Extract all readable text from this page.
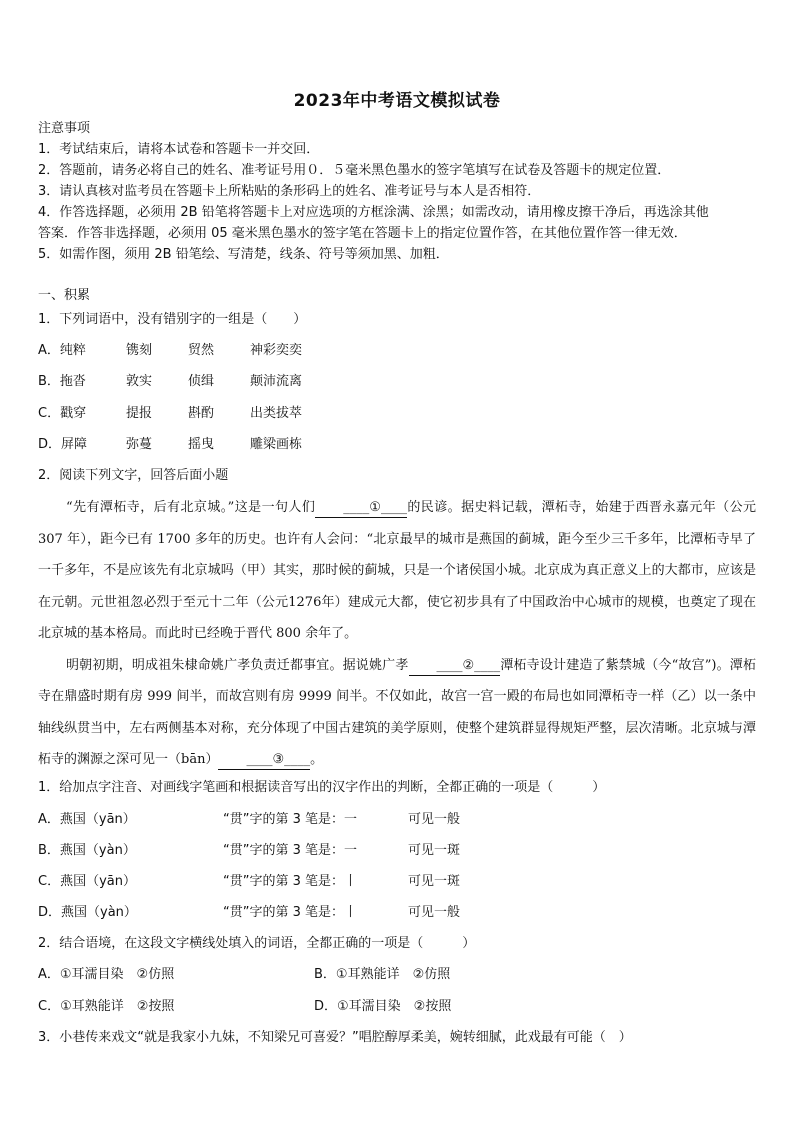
2023年中考语文模拟试卷
注意事项
1．考试结束后，请将本试卷和答题卡一并交回．
2．答题前，请务必将自己的姓名、准考证号用０．５毫米黑色墨水的签字笔填写在试卷及答题卡的规定位置．
3．请认真核对监考员在答题卡上所粘贴的条形码上的姓名、准考证号与本人是否相符．
4．作答选择题，必须用 2B 铅笔将答题卡上对应选项的方框涂满、涂黑；如需改动，请用橡皮擦干净后，再选涂其他
答案．作答非选择题，必须用 05 毫米黑色墨水的签字笔在答题卡上的指定位置作答，在其他位置作答一律无效．
5．如需作图，须用 2B 铅笔绘、写清楚，线条、符号等须加黑、加粗．
一、积累
1．下列词语中，没有错别字的一组是（　　）
A．纯粹	镌刻	贸然	神彩奕奕
B．拖沓	敦实	侦缉	颠沛流离
C．戳穿	提报	斟酌	出类拔萃
D．屏障	弥蔓	摇曳	雕梁画栋
2．阅读下列文字，回答后面小题

“先有潭柘寺，后有北京城。”这是一句人们 ____①____的民谚。据史料记载，潭柘寺，始建于西晋永嘉元年（公元307 年），距今已有 1700 多年的历史。也许有人会问：“北京最早的城市是燕国的蓟城，距今至少三千多年，比潭柘寺早了一千多年，不是应该先有北京城吗（甲）其实，那时候的蓟城，只是一个诸侯国小城。北京成为真正意义上的大都市，应该是在元朝。元世祖忽必烈于至元十二年（公元1276年）建成元大都，使它初步具有了中国政治中心城市的规模，也奠定了现在北京城的基本格局。而此时已经晚于晋代 800 余年了。

明朝初期，明成祖朱棣命姚广孝负责迁都事宜。据说姚广孝 ____②____潭柘寺设计建造了紫禁城（今“故宫”)。潭柘寺在鼎盛时期有房 999 间半，而故宫则有房 9999 间半。不仅如此，故宫一宫一殿的布局也如同潭柘寺一样（乙）以一条中轴线纵贯当中，左右两侧基本对称，充分体现了中国古建筑的美学原则，使整个建筑群显得规矩严整，层次清晰。北京城与潭柘寺的渊源之深可见一（bān） ____③____。

1．给加点字注音、对画线字笔画和根据读音写出的汉字作出的判断，全都正确的一项是（　　　）
A．燕国（yān）	“贯”字的第 3 笔是：一	可见一般
B．燕国（yàn）	“贯”字的第 3 笔是：一	可见一斑
C．燕国（yān）	“贯”字的第 3 笔是：丨	可见一斑
D．燕国（yàn）	“贯”字的第 3 笔是：丨	可见一般
2．结合语境，在这段文字横线处填入的词语，全都正确的一项是（　　　）
A．①耳濡目染　②仿照	B．①耳熟能详　②仿照
C．①耳熟能详　②按照	D．①耳濡目染　②按照
3．小巷传来戏文“就是我家小九妹，不知梁兄可喜爱？”唱腔醇厚柔美，婉转细腻，此戏最有可能（　）
